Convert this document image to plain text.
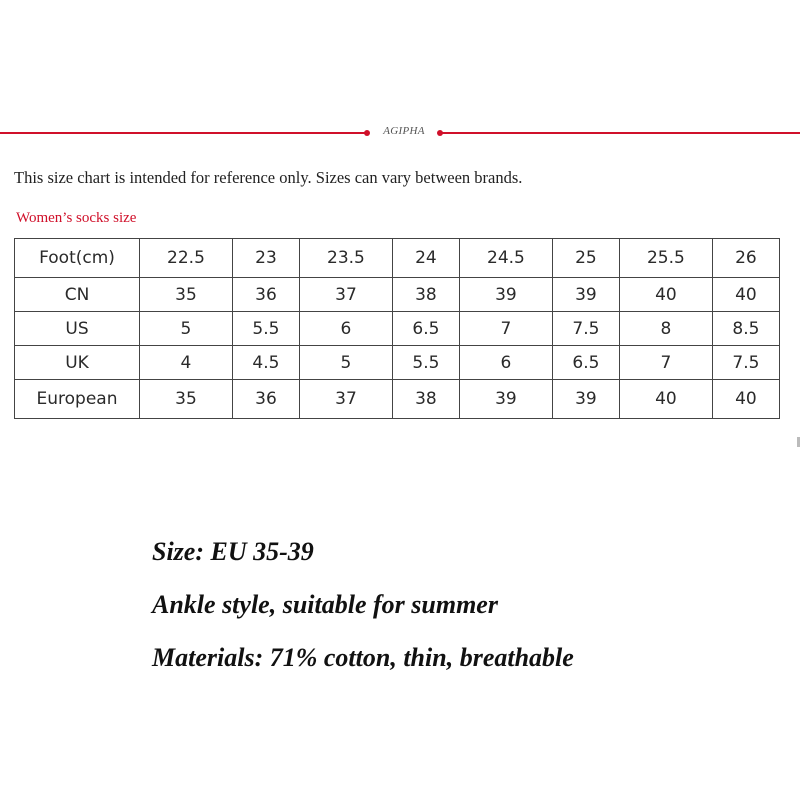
AGIPHA
This size chart is intended for reference only. Sizes can vary between brands.
Women’s socks size
Foot(cm)	22.5	23	23.5	24	24.5	25	25.5	26
CN	35	36	37	38	39	39	40	40
US	5	5.5	6	6.5	7	7.5	8	8.5
UK	4	4.5	5	5.5	6	6.5	7	7.5
European	35	36	37	38	39	39	40	40
Size: EU 35-39
Ankle style, suitable for summer
Materials: 71% cotton, thin, breathable
